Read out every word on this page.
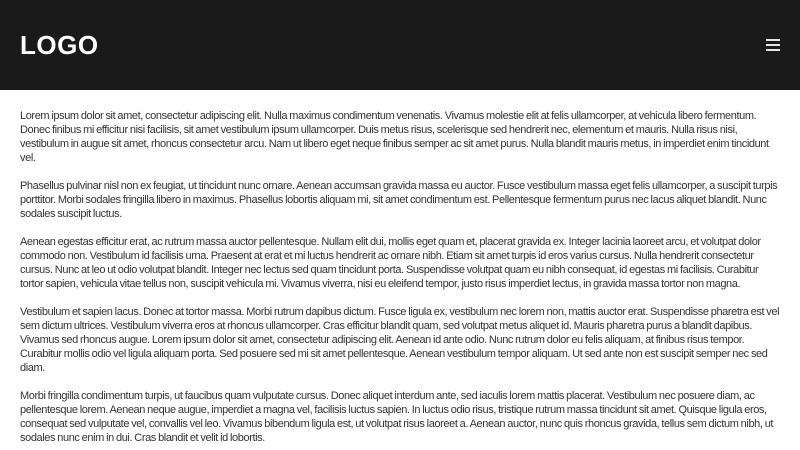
LOGO

Lorem ipsum dolor sit amet, consectetur adipiscing elit. Nulla maximus condimentum venenatis. Vivamus molestie elit at felis ullamcorper, at vehicula libero fermentum. Donec finibus mi efficitur nisi facilisis, sit amet vestibulum ipsum ullamcorper. Duis metus risus, scelerisque sed hendrerit nec, elementum et mauris. Nulla risus nisi, vestibulum in augue sit amet, rhoncus consectetur arcu. Nam ut libero eget neque finibus semper ac sit amet purus. Nulla blandit mauris metus, in imperdiet enim tincidunt vel.

Phasellus pulvinar nisl non ex feugiat, ut tincidunt nunc ornare. Aenean accumsan gravida massa eu auctor. Fusce vestibulum massa eget felis ullamcorper, a suscipit turpis porttitor. Morbi sodales fringilla libero in maximus. Phasellus lobortis aliquam mi, sit amet condimentum est. Pellentesque fermentum purus nec lacus aliquet blandit. Nunc sodales suscipit luctus.

Aenean egestas efficitur erat, ac rutrum massa auctor pellentesque. Nullam elit dui, mollis eget quam et, placerat gravida ex. Integer lacinia laoreet arcu, et volutpat dolor commodo non. Vestibulum id facilisis urna. Praesent at erat et mi luctus hendrerit ac ornare nibh. Etiam sit amet turpis id eros varius cursus. Nulla hendrerit consectetur cursus. Nunc at leo ut odio volutpat blandit. Integer nec lectus sed quam tincidunt porta. Suspendisse volutpat quam eu nibh consequat, id egestas mi facilisis. Curabitur tortor sapien, vehicula vitae tellus non, suscipit vehicula mi. Vivamus viverra, nisi eu eleifend tempor, justo risus imperdiet lectus, in gravida massa tortor non magna.

Vestibulum et sapien lacus. Donec at tortor massa. Morbi rutrum dapibus dictum. Fusce ligula ex, vestibulum nec lorem non, mattis auctor erat. Suspendisse pharetra est vel sem dictum ultrices. Vestibulum viverra eros at rhoncus ullamcorper. Cras efficitur blandit quam, sed volutpat metus aliquet id. Mauris pharetra purus a blandit dapibus. Vivamus sed rhoncus augue. Lorem ipsum dolor sit amet, consectetur adipiscing elit. Aenean id ante odio. Nunc rutrum dolor eu felis aliquam, at finibus risus tempor. Curabitur mollis odio vel ligula aliquam porta. Sed posuere sed mi sit amet pellentesque. Aenean vestibulum tempor aliquam. Ut sed ante non est suscipit semper nec sed diam.

Morbi fringilla condimentum turpis, ut faucibus quam vulputate cursus. Donec aliquet interdum ante, sed iaculis lorem mattis placerat. Vestibulum nec posuere diam, ac pellentesque lorem. Aenean neque augue, imperdiet a magna vel, facilisis luctus sapien. In luctus odio risus, tristique rutrum massa tincidunt sit amet. Quisque ligula eros, consequat sed vulputate vel, convallis vel leo. Vivamus bibendum ligula est, ut volutpat risus laoreet a. Aenean auctor, nunc quis rhoncus gravida, tellus sem dictum nibh, ut sodales nunc enim in dui. Cras blandit et velit id lobortis.
